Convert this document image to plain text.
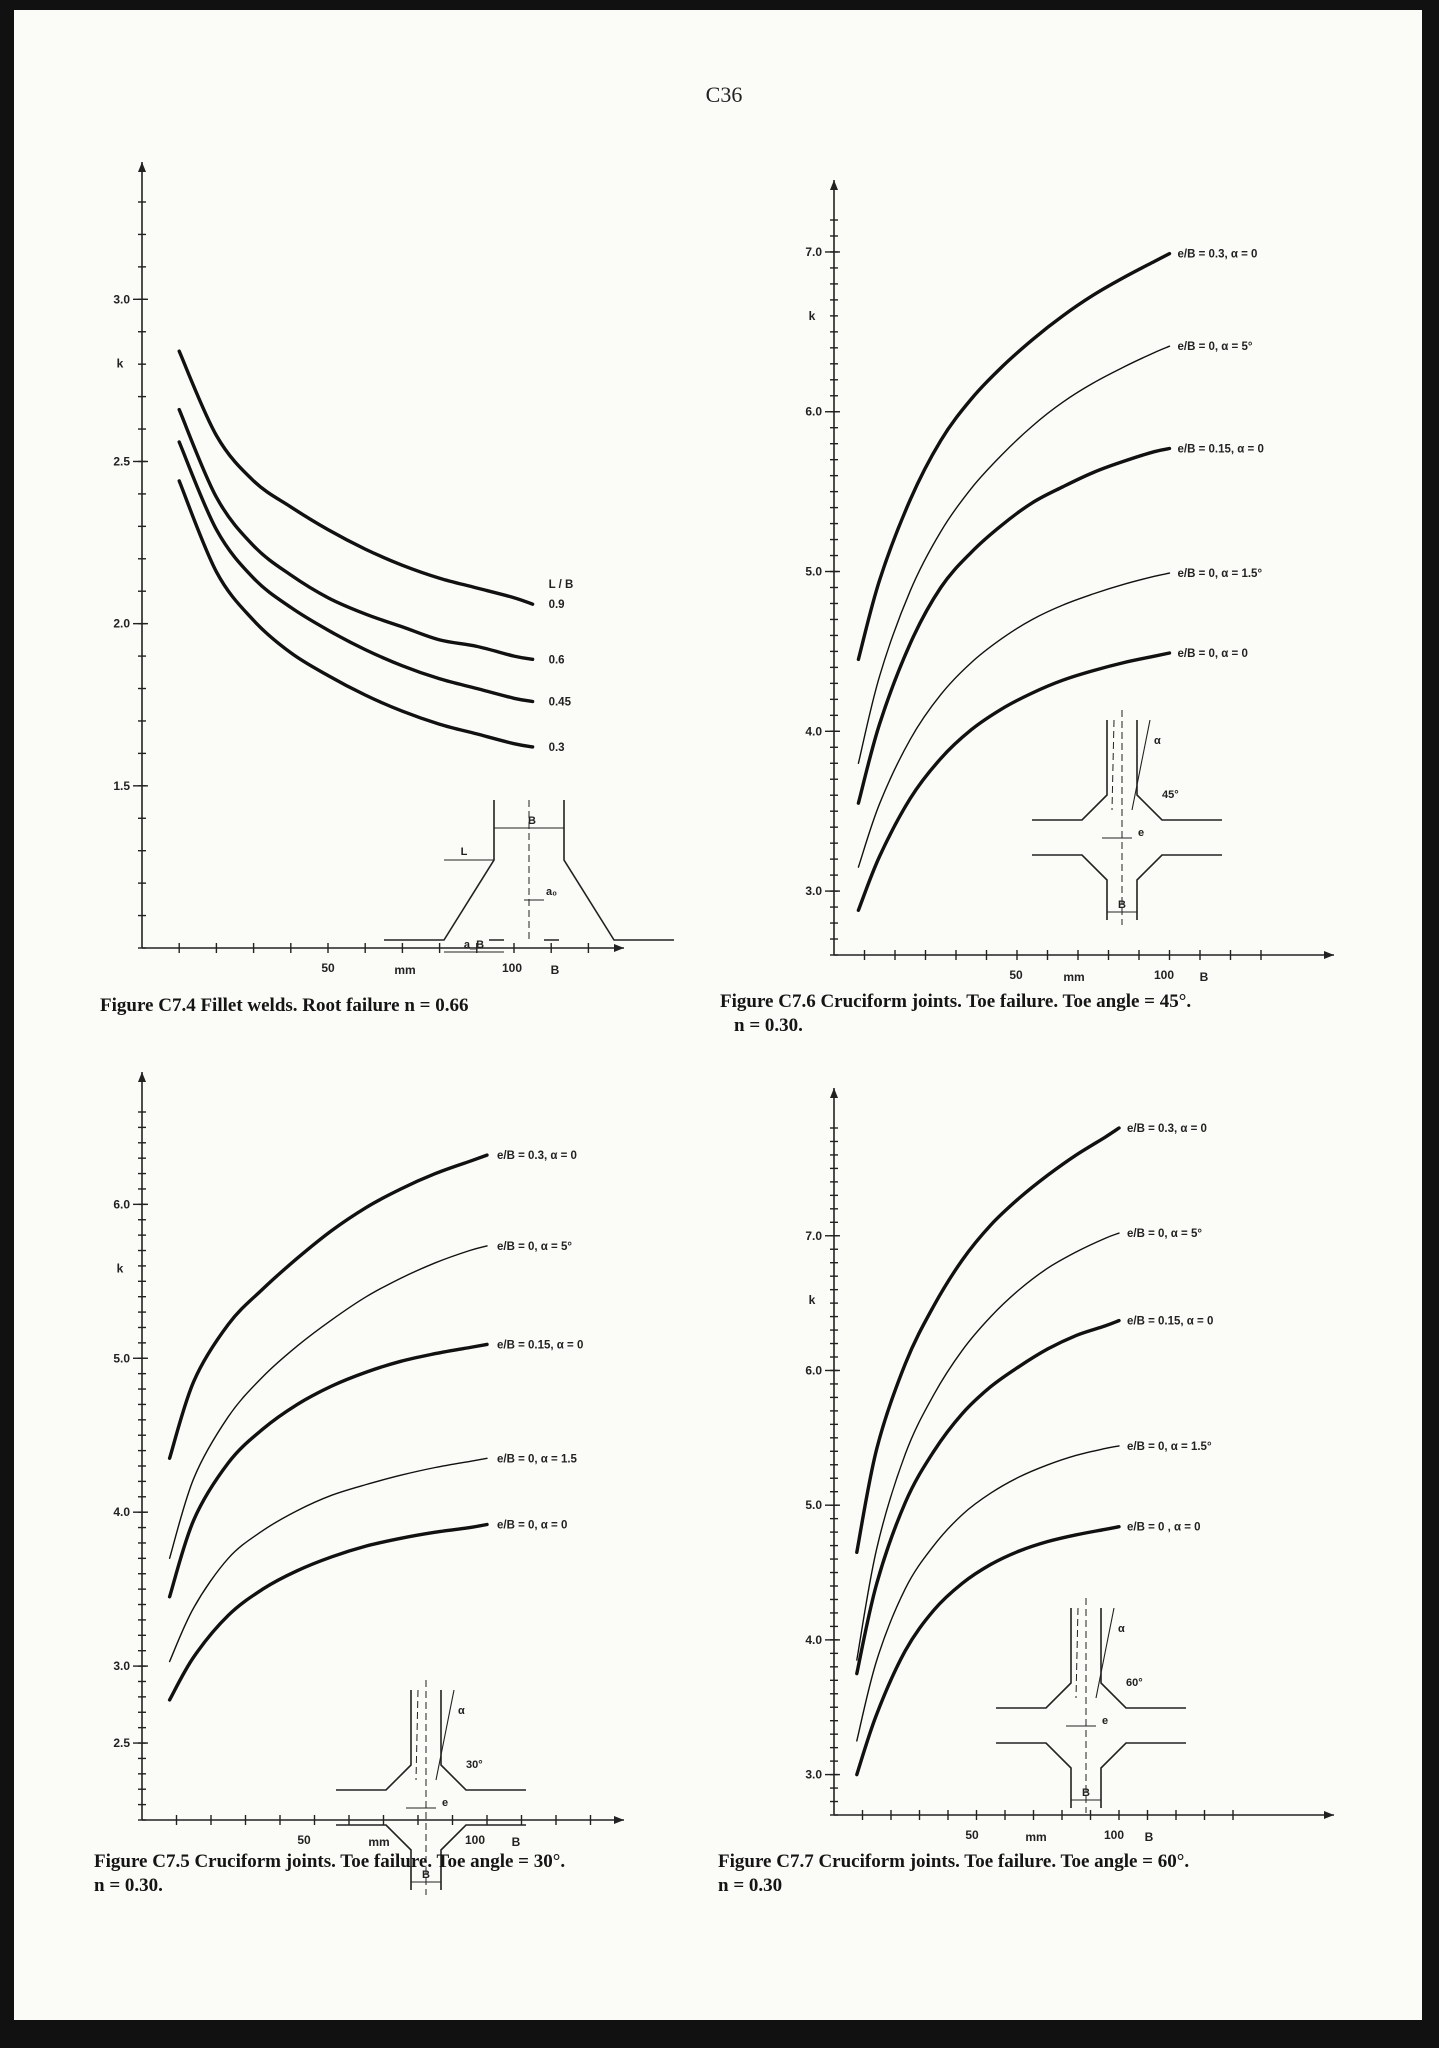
C36
1.5
2.0
2.5
3.0
k
50	100
mm	B
0.9
0.6
0.45
0.3
L / B
B
L
a₀
a_B
Figure C7.4 Fillet welds. Root failure n = 0.66
3.0
4.0
5.0
6.0
7.0
k
50	100
mm	B
e/B = 0.3, α = 0
e/B = 0, α = 5°
e/B = 0.15, α = 0
e/B = 0, α = 1.5°
e/B = 0, α = 0
α
45°
e
B
Figure C7.6 Cruciform joints. Toe failure. Toe angle = 45°.
n = 0.30.
2.5
3.0
4.0
5.0
6.0
k
50	100
mm	B
e/B = 0.3, α = 0
e/B = 0, α = 5°
e/B = 0.15, α = 0
e/B = 0, α = 1.5
e/B = 0, α = 0
α
30°
e
B
Figure C7.5 Cruciform joints. Toe failure. Toe angle = 30°.
n = 0.30.
3.0
4.0
5.0
6.0
7.0
k
50	100
mm	B
e/B = 0.3, α = 0
e/B = 0, α = 5°
e/B = 0.15, α = 0
e/B = 0, α = 1.5°
e/B = 0 , α = 0
α
60°
e
B
Figure C7.7 Cruciform joints. Toe failure. Toe angle = 60°.
n = 0.30
